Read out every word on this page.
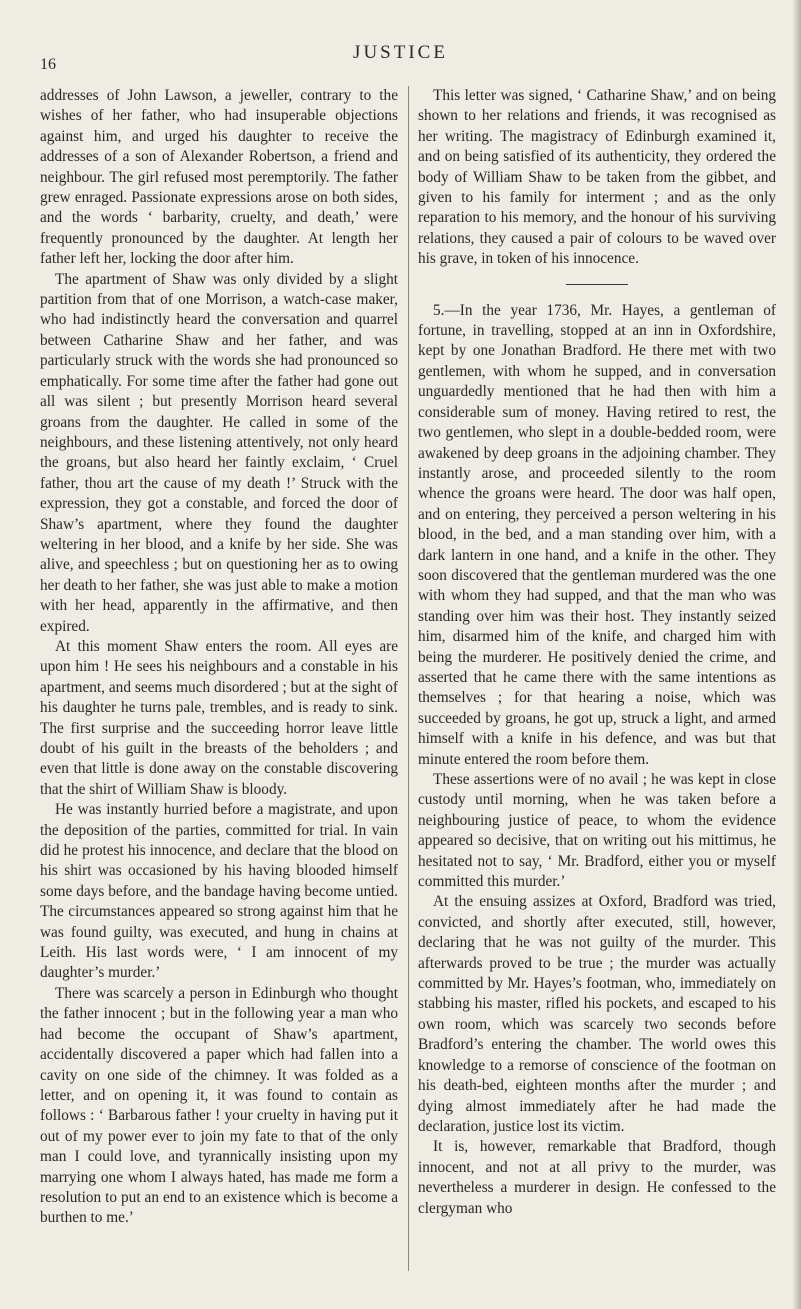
16
JUSTICE

addresses of John Lawson, a jeweller, contrary to the wishes of her father, who had insuperable objections against him, and urged his daughter to receive the addresses of a son of Alexander Robertson, a friend and neighbour. The girl refused most peremptorily. The father grew enraged. Passionate expressions arose on both sides, and the words ‘ barbarity, cruelty, and death,’ were frequently pronounced by the daughter. At length her father left her, locking the door after him.

The apartment of Shaw was only divided by a slight partition from that of one Morrison, a watch-case maker, who had indistinctly heard the conversation and quarrel between Catharine Shaw and her father, and was particularly struck with the words she had pronounced so emphatically. For some time after the father had gone out all was silent ; but presently Morrison heard several groans from the daughter. He called in some of the neighbours, and these listening attentively, not only heard the groans, but also heard her faintly exclaim, ‘ Cruel father, thou art the cause of my death !’ Struck with the expression, they got a constable, and forced the door of Shaw’s apartment, where they found the daughter weltering in her blood, and a knife by her side. She was alive, and speechless ; but on questioning her as to owing her death to her father, she was just able to make a motion with her head, apparently in the affirmative, and then expired.

At this moment Shaw enters the room. All eyes are upon him ! He sees his neighbours and a constable in his apartment, and seems much disordered ; but at the sight of his daughter he turns pale, trembles, and is ready to sink. The first surprise and the succeeding horror leave little doubt of his guilt in the breasts of the beholders ; and even that little is done away on the constable discovering that the shirt of William Shaw is bloody.

He was instantly hurried before a magistrate, and upon the deposition of the parties, committed for trial. In vain did he protest his innocence, and declare that the blood on his shirt was occasioned by his having blooded himself some days before, and the bandage having become untied. The circumstances appeared so strong against him that he was found guilty, was executed, and hung in chains at Leith. His last words were, ‘ I am innocent of my daughter’s murder.’

There was scarcely a person in Edinburgh who thought the father innocent ; but in the following year a man who had become the occupant of Shaw’s apartment, accidentally discovered a paper which had fallen into a cavity on one side of the chimney. It was folded as a letter, and on opening it, it was found to contain as follows : ‘ Barbarous father ! your cruelty in having put it out of my power ever to join my fate to that of the only man I could love, and tyrannically insisting upon my marrying one whom I always hated, has made me form a resolution to put an end to an existence which is become a burthen to me.’

This letter was signed, ‘ Catharine Shaw,’ and on being shown to her relations and friends, it was recognised as her writing. The magistracy of Edinburgh examined it, and on being satisfied of its authenticity, they ordered the body of William Shaw to be taken from the gibbet, and given to his family for interment ; and as the only reparation to his memory, and the honour of his surviving relations, they caused a pair of colours to be waved over his grave, in token of his innocence.

5.—In the year 1736, Mr. Hayes, a gentleman of fortune, in travelling, stopped at an inn in Oxfordshire, kept by one Jonathan Bradford. He there met with two gentlemen, with whom he supped, and in conversation unguardedly mentioned that he had then with him a considerable sum of money. Having retired to rest, the two gentlemen, who slept in a double-bedded room, were awakened by deep groans in the adjoining chamber. They instantly arose, and proceeded silently to the room whence the groans were heard. The door was half open, and on entering, they perceived a person weltering in his blood, in the bed, and a man standing over him, with a dark lantern in one hand, and a knife in the other. They soon discovered that the gentleman murdered was the one with whom they had supped, and that the man who was standing over him was their host. They instantly seized him, disarmed him of the knife, and charged him with being the murderer. He positively denied the crime, and asserted that he came there with the same intentions as themselves ; for that hearing a noise, which was succeeded by groans, he got up, struck a light, and armed himself with a knife in his defence, and was but that minute entered the room before them.

These assertions were of no avail ; he was kept in close custody until morning, when he was taken before a neighbouring justice of peace, to whom the evidence appeared so decisive, that on writing out his mittimus, he hesitated not to say, ‘ Mr. Bradford, either you or myself committed this murder.’

At the ensuing assizes at Oxford, Bradford was tried, convicted, and shortly after executed, still, however, declaring that he was not guilty of the murder. This afterwards proved to be true ; the murder was actually committed by Mr. Hayes’s footman, who, immediately on stabbing his master, rifled his pockets, and escaped to his own room, which was scarcely two seconds before Bradford’s entering the chamber. The world owes this knowledge to a remorse of conscience of the footman on his death-bed, eighteen months after the murder ; and dying almost immediately after he had made the declaration, justice lost its victim.

It is, however, remarkable that Bradford, though innocent, and not at all privy to the murder, was nevertheless a murderer in design. He confessed to the clergyman who
